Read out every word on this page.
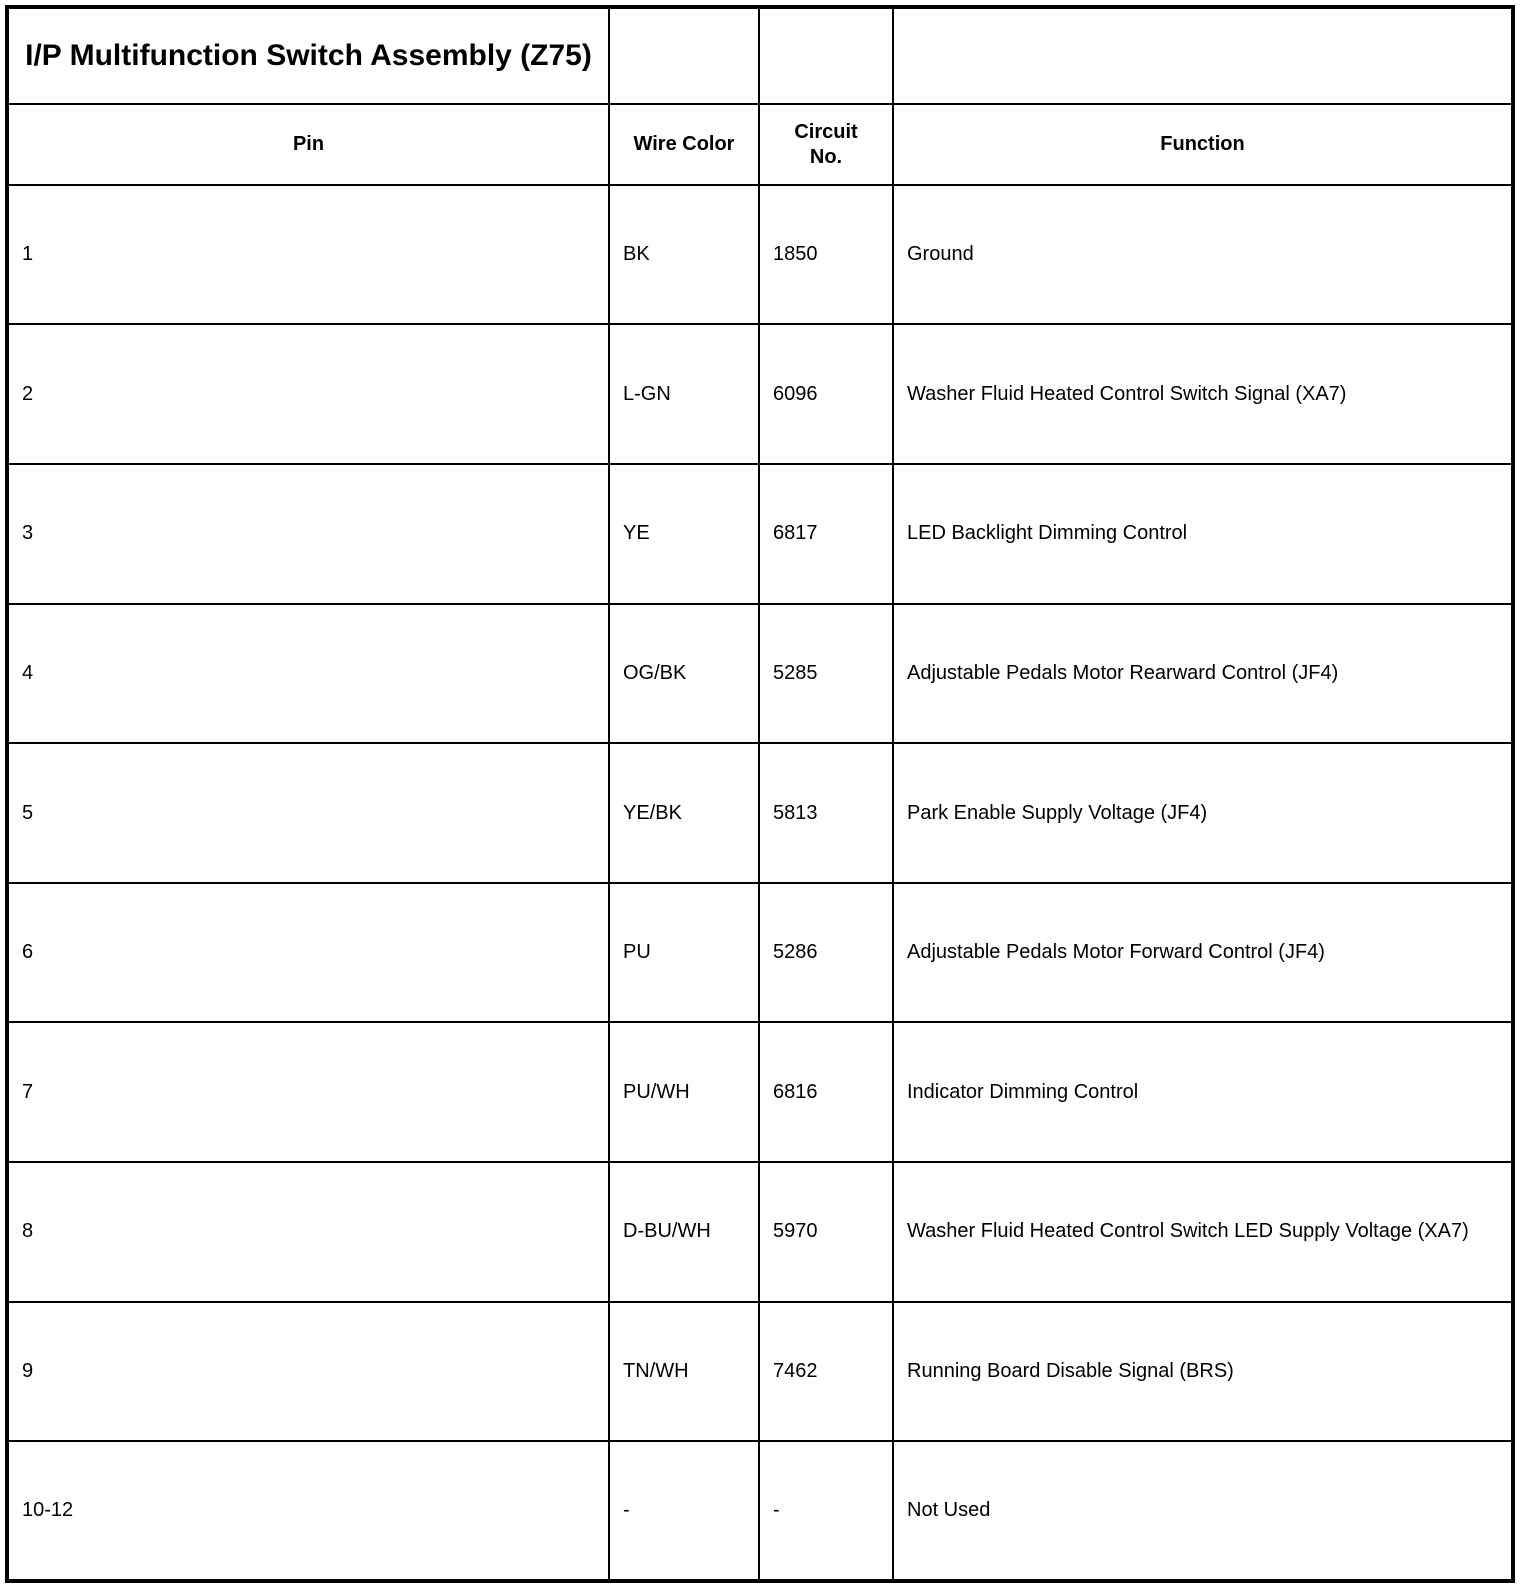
I/P Multifunction Switch Assembly (Z75)			
Pin	Wire Color	Circuit No.	Function
1	BK	1850	Ground
2	L-GN	6096	Washer Fluid Heated Control Switch Signal (XA7)
3	YE	6817	LED Backlight Dimming Control
4	OG/BK	5285	Adjustable Pedals Motor Rearward Control (JF4)
5	YE/BK	5813	Park Enable Supply Voltage (JF4)
6	PU	5286	Adjustable Pedals Motor Forward Control (JF4)
7	PU/WH	6816	Indicator Dimming Control
8	D-BU/WH	5970	Washer Fluid Heated Control Switch LED Supply Voltage (XA7)
9	TN/WH	7462	Running Board Disable Signal (BRS)
10-12	-	-	Not Used
